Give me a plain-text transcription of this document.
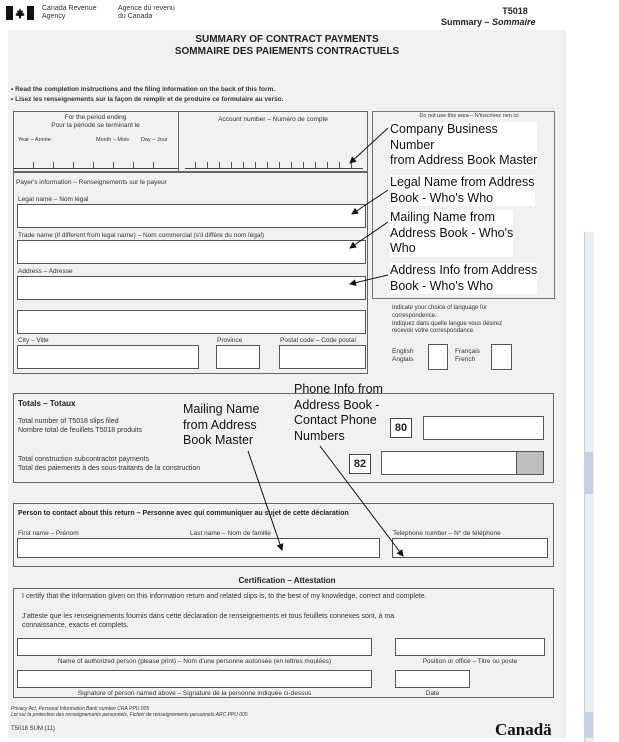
Canada Revenue
Agency
Agence du revenu
du Canada
T5018
Summary – Sommaire
SUMMARY OF CONTRACT PAYMENTS
SOMMAIRE DES PAIEMENTS CONTRACTUELS
• Read the completion instructions and the filing information on the back of this form.
• Lisez les renseignements sur la façon de remplir et de produire ce formulaire au verso.
For the period ending
Pour la période se terminant le
Year – Année	Month – Mois Day – Jour
Account number – Numéro de compte	Do not use this area – N'inscrivez rien ici
Payer's information – Renseignements sur le payeur
Legal name – Nom légal
Trade name (if different from legal name) – Nom commercial (s'il diffère du nom légal)
Address – Adresse
City – Ville	Province	Postal code – Code postal
Indicate your choice of language for
correspondence.
Indiquez dans quelle langue vous désirez
recevoir votre correspondance.
English
Anglais
Français
French
Totals – Totaux
Total number of T5018 slips filed
Nombre total de feuillets T5018 produits	80
Total construction subcontractor payments
Total des paiements à des sous-traitants de la construction	82
Person to contact about this return – Personne avec qui communiquer au sujet de cette déclaration
First name – Prénom	Last name – Nom de famille	Telephone number – N° de téléphone
Certification – Attestation
I certify that the information given on this information return and related slips is, to the best of my knowledge, correct and complete.
J'atteste que les renseignements fournis dans cette déclaration de renseignements et tous feuillets connexes sont, à ma
connaissance, exacts et complets.
Name of authorized person (please print) – Nom d'une personne autorisée (en lettres moulées)	Position or office – Titre ou poste
Signature of person named above – Signature de la personne indiquée ci-dessus	Date
Privacy Act, Personal Information Bank number CRA PPU 005
Loi sur la protection des renseignements personnels, Fichier de renseignements personnels ARC PPU 005
T5018 SUM (11)	Canadä
Company Business
Number
from Address Book Master
Legal Name from Address
Book - Who's Who
Mailing Name from
Address Book - Who's
Who
Address Info from Address
Book - Who's Who
Phone Info from
Address Book -
Contact Phone
Numbers
Mailing Name
from Address
Book Master
